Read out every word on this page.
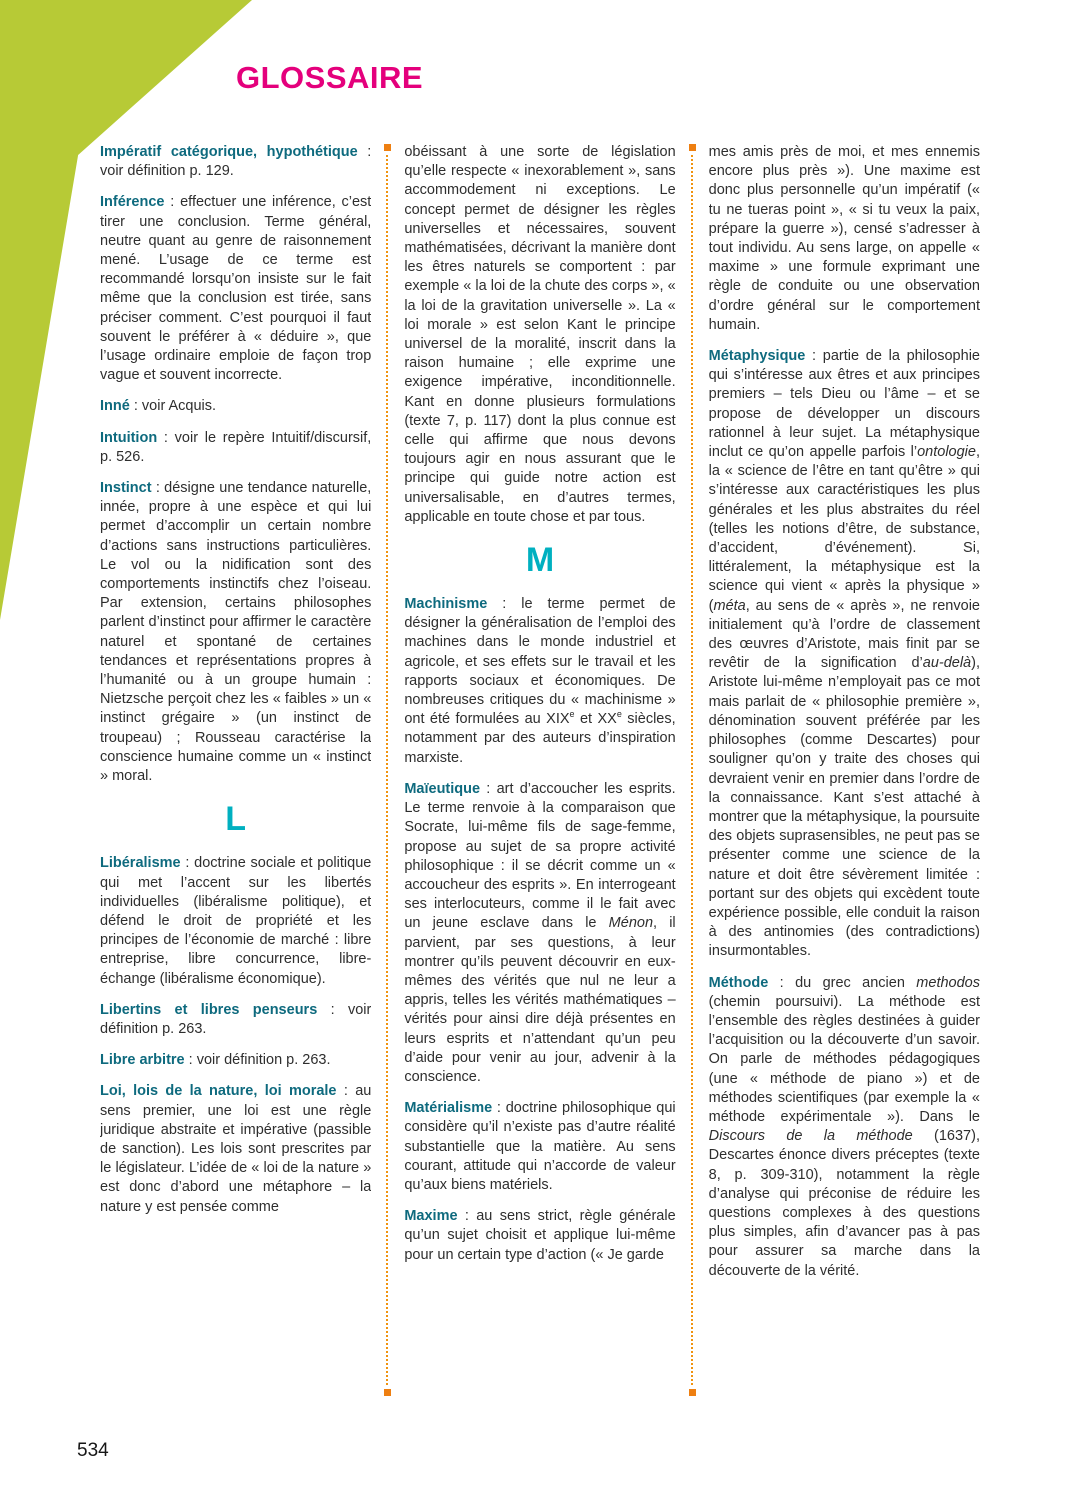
GLOSSAIRE

Impératif catégorique, hypothétique : voir définition p. 129.

Inférence : effectuer une inférence, c’est tirer une conclusion. Terme général, neutre quant au genre de raisonnement mené. L’usage de ce terme est recommandé lorsqu’on insiste sur le fait même que la conclusion est tirée, sans préciser comment. C’est pourquoi il faut souvent le préférer à « déduire », que l’usage ordinaire emploie de façon trop vague et souvent incorrecte.

Inné : voir Acquis.

Intuition : voir le repère Intuitif/discursif, p. 526.

Instinct : désigne une tendance naturelle, innée, propre à une espèce et qui lui permet d’accomplir un certain nombre d’actions sans instructions particulières. Le vol ou la nidification sont des comportements instinctifs chez l’oiseau. Par extension, certains philosophes parlent d’instinct pour affirmer le caractère naturel et spontané de certaines tendances et représentations propres à l’humanité ou à un groupe humain : Nietzsche perçoit chez les « faibles » un « instinct grégaire » (un instinct de troupeau) ; Rousseau caractérise la conscience humaine comme un « instinct » moral.

L

Libéralisme : doctrine sociale et politique qui met l’accent sur les libertés individuelles (libéralisme politique), et défend le droit de propriété et les principes de l’économie de marché : libre entreprise, libre concurrence, libre-échange (libéralisme économique).

Libertins et libres penseurs : voir définition p. 263.

Libre arbitre : voir définition p. 263.

Loi, lois de la nature, loi morale : au sens premier, une loi est une règle juridique abstraite et impérative (passible de sanction). Les lois sont prescrites par le législateur. L’idée de « loi de la nature » est donc d’abord une métaphore – la nature y est pensée comme

obéissant à une sorte de législation qu’elle respecte « inexorablement », sans accommodement ni exceptions. Le concept permet de désigner les règles universelles et nécessaires, souvent mathématisées, décrivant la manière dont les êtres naturels se comportent : par exemple « la loi de la chute des corps », « la loi de la gravitation universelle ». La « loi morale » est selon Kant le principe universel de la moralité, inscrit dans la raison humaine ; elle exprime une exigence impérative, inconditionnelle. Kant en donne plusieurs formulations (texte 7, p. 117) dont la plus connue est celle qui affirme que nous devons toujours agir en nous assurant que le principe qui guide notre action est universalisable, en d’autres termes, applicable en toute chose et par tous.

M

Machinisme : le terme permet de désigner la généralisation de l’emploi des machines dans le monde industriel et agricole, et ses effets sur le travail et les rapports sociaux et économiques. De nombreuses critiques du « machinisme » ont été formulées au XIXe et XXe siècles, notamment par des auteurs d’inspiration marxiste.

Maïeutique : art d’accoucher les esprits. Le terme renvoie à la comparaison que Socrate, lui-même fils de sage-femme, propose au sujet de sa propre activité philosophique : il se décrit comme un « accoucheur des esprits ». En interrogeant ses interlocuteurs, comme il le fait avec un jeune esclave dans le Ménon, il parvient, par ses questions, à leur montrer qu’ils peuvent découvrir en eux-mêmes des vérités que nul ne leur a appris, telles les vérités mathématiques – vérités pour ainsi dire déjà présentes en leurs esprits et n’attendant qu’un peu d’aide pour venir au jour, advenir à la conscience.

Matérialisme : doctrine philosophique qui considère qu’il n’existe pas d’autre réalité substantielle que la matière. Au sens courant, attitude qui n’accorde de valeur qu’aux biens matériels.

Maxime : au sens strict, règle générale qu’un sujet choisit et applique lui-même pour un certain type d’action (« Je garde

mes amis près de moi, et mes ennemis encore plus près »). Une maxime est donc plus personnelle qu’un impératif (« tu ne tueras point », « si tu veux la paix, prépare la guerre »), censé s’adresser à tout individu. Au sens large, on appelle « maxime » une formule exprimant une règle de conduite ou une observation d’ordre général sur le comportement humain.

Métaphysique : partie de la philosophie qui s’intéresse aux êtres et aux principes premiers – tels Dieu ou l’âme – et se propose de développer un discours rationnel à leur sujet. La métaphysique inclut ce qu’on appelle parfois l’ontologie, la « science de l’être en tant qu’être » qui s’intéresse aux caractéristiques les plus générales et les plus abstraites du réel (telles les notions d’être, de substance, d’accident, d’événement). Si, littéralement, la métaphysique est la science qui vient « après la physique » (méta, au sens de « après », ne renvoie initialement qu’à l’ordre de classement des œuvres d’Aristote, mais finit par se revêtir de la signification d’au-delà), Aristote lui-même n’employait pas ce mot mais parlait de « philosophie première », dénomination souvent préférée par les philosophes (comme Descartes) pour souligner qu’on y traite des choses qui devraient venir en premier dans l’ordre de la connaissance. Kant s’est attaché à montrer que la métaphysique, la poursuite des objets suprasensibles, ne peut pas se présenter comme une science de la nature et doit être sévèrement limitée : portant sur des objets qui excèdent toute expérience possible, elle conduit la raison à des antinomies (des contradictions) insurmontables.

Méthode : du grec ancien methodos (chemin poursuivi). La méthode est l’ensemble des règles destinées à guider l’acquisition ou la découverte d’un savoir. On parle de méthodes pédagogiques (une « méthode de piano ») et de méthodes scientifiques (par exemple la « méthode expérimentale »). Dans le Discours de la méthode (1637), Descartes énonce divers préceptes (texte 8, p. 309-310), notamment la règle d’analyse qui préconise de réduire les questions complexes à des questions plus simples, afin d’avancer pas à pas pour assurer sa marche dans la découverte de la vérité.

534
